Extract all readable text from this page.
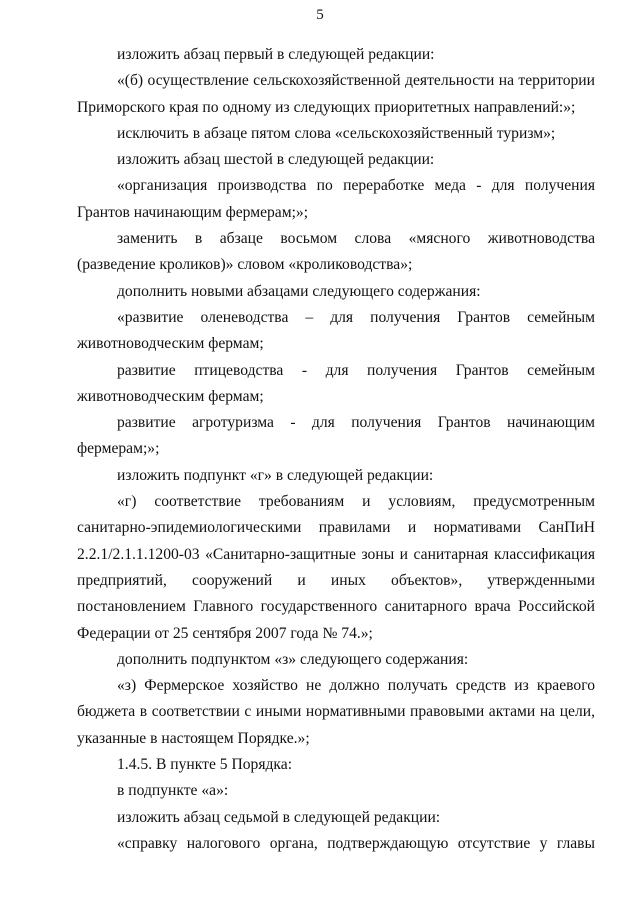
5

изложить абзац первый в следующей редакции:

«(б) осуществление сельскохозяйственной деятельности на территории Приморского края по одному из следующих приоритетных направлений:»;

исключить в абзаце пятом слова «сельскохозяйственный туризм»;

изложить абзац шестой в следующей редакции:

«организация производства по переработке меда - для получения Грантов начинающим фермерам;»;

заменить в абзаце восьмом слова «мясного животноводства (разведение кроликов)» словом «кролиководства»;

дополнить новыми абзацами следующего содержания:

«развитие оленеводства – для получения Грантов семейным животноводческим фермам;

развитие птицеводства - для получения Грантов семейным животноводческим фермам;

развитие агротуризма - для получения Грантов начинающим фермерам;»;

изложить подпункт «г» в следующей редакции:

«г) соответствие требованиям и условиям, предусмотренным санитарно-эпидемиологическими правилами и нормативами СанПиН 2.2.1/2.1.1.1200-03 «Санитарно-защитные зоны и санитарная классификация предприятий, сооружений и иных объектов», утвержденными постановлением Главного государственного санитарного врача Российской Федерации от 25 сентября 2007 года № 74.»;

дополнить подпунктом «з» следующего содержания:

«з) Фермерское хозяйство не должно получать средств из краевого бюджета в соответствии с иными нормативными правовыми актами на цели, указанные в настоящем Порядке.»;

1.4.5. В пункте 5 Порядка:

в подпункте «а»:

изложить абзац седьмой в следующей редакции:

«справку налогового органа, подтверждающую отсутствие у главы
